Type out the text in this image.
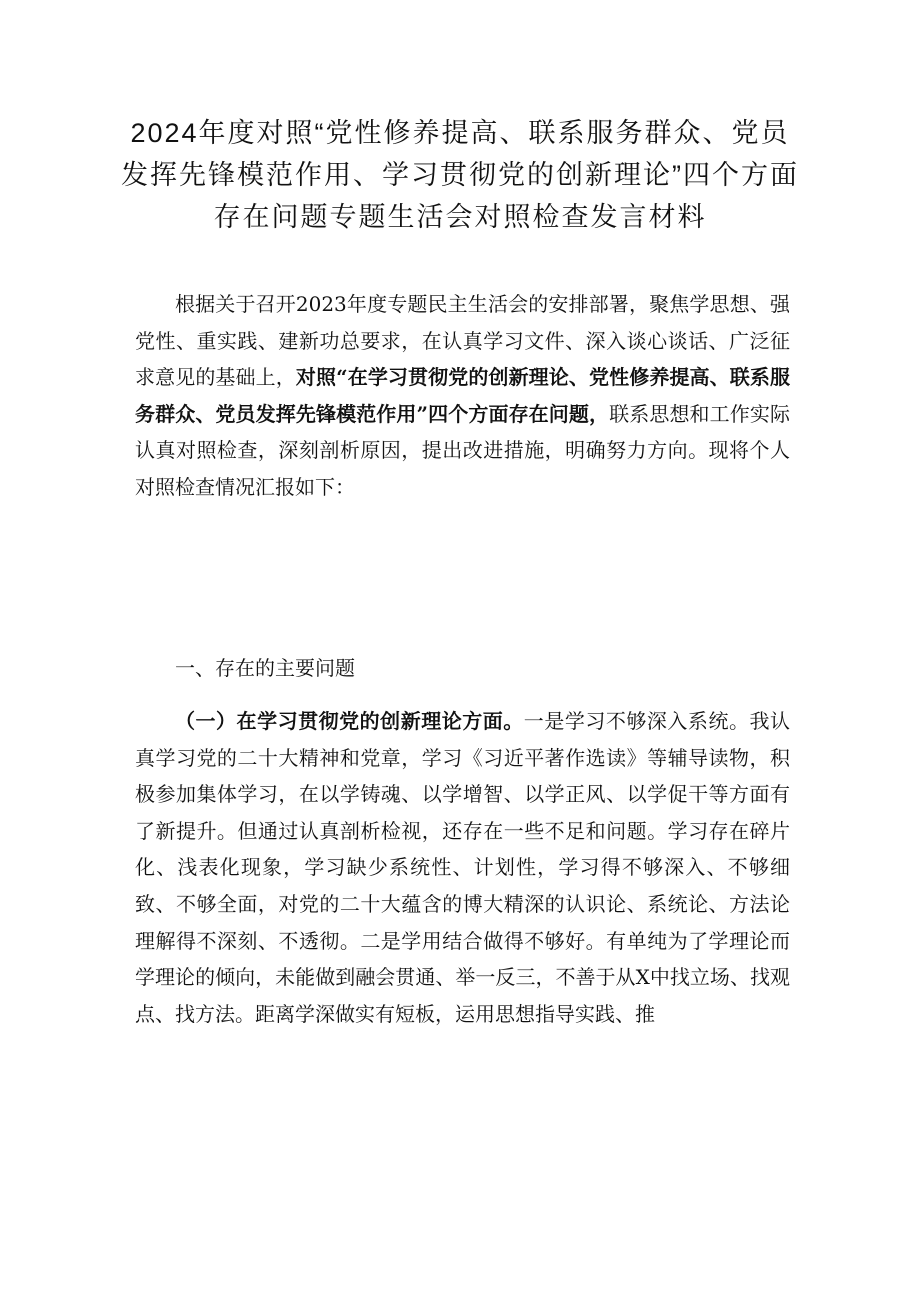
2024年度对照“党性修养提高、联系服务群众、党员发挥先锋模范作用、学习贯彻党的创新理论”四个方面存在问题专题生活会对照检查发言材料

根据关于召开2023年度专题民主生活会的安排部署，聚焦学思想、强党性、重实践、建新功总要求，在认真学习文件、深入谈心谈话、广泛征求意见的基础上，对照“在学习贯彻党的创新理论、党性修养提高、联系服务群众、党员发挥先锋模范作用”四个方面存在问题，联系思想和工作实际认真对照检查，深刻剖析原因，提出改进措施，明确努力方向。现将个人对照检查情况汇报如下：

一、存在的主要问题

（一）在学习贯彻党的创新理论方面。一是学习不够深入系统。我认真学习党的二十大精神和党章，学习《习近平著作选读》等辅导读物，积极参加集体学习，在以学铸魂、以学增智、以学正风、以学促干等方面有了新提升。但通过认真剖析检视，还存在一些不足和问题。学习存在碎片化、浅表化现象，学习缺少系统性、计划性，学习得不够深入、不够细致、不够全面，对党的二十大蕴含的博大精深的认识论、系统论、方法论理解得不深刻、不透彻。二是学用结合做得不够好。有单纯为了学理论而学理论的倾向，未能做到融会贯通、举一反三，不善于从X中找立场、找观点、找方法。距离学深做实有短板，运用思想指导实践、推
